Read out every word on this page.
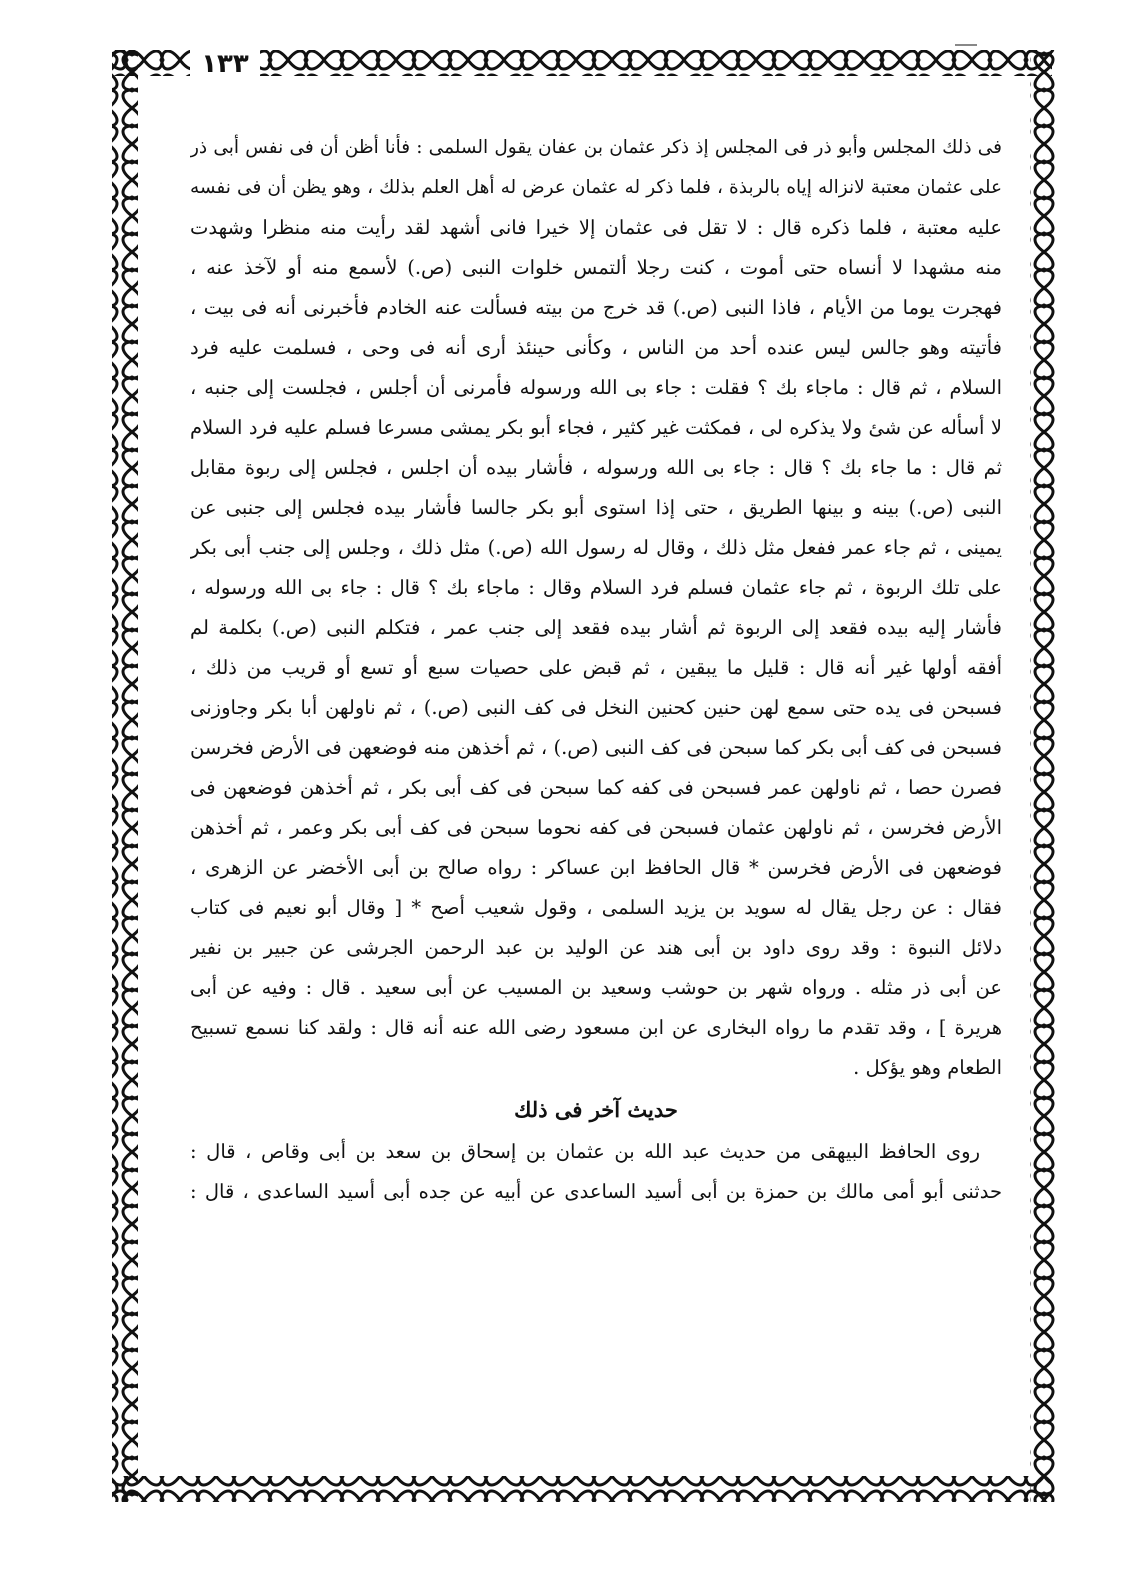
١٣٣
فى ذلك المجلس وأبو ذر فى المجلس إذ ذكر عثمان بن عفان يقول السلمى : فأنا أظن أن فى نفس أبى ذر
على عثمان معتبة لانزاله إياه بالربذة ، فلما ذكر له عثمان عرض له أهل العلم بذلك ، وهو يظن أن فى نفسه
عليه معتبة ، فلما ذكره قال : لا تقل فى عثمان إلا خيرا فانى أشهد لقد رأيت منه منظرا وشهدت
منه مشهدا لا أنساه حتى أموت ، كنت رجلا ألتمس خلوات النبى (ص.) لأسمع منه أو لآخذ عنه ،
فهجرت يوما من الأيام ، فاذا النبى (ص.) قد خرج من بيته فسألت عنه الخادم فأخبرنى أنه فى بيت ،
فأتيته وهو جالس ليس عنده أحد من الناس ، وكأنى حينئذ أرى أنه فى وحى ، فسلمت عليه فرد
السلام ، ثم قال : ماجاء بك ؟ فقلت : جاء بى الله ورسوله فأمرنى أن أجلس ، فجلست إلى جنبه ،
لا أسأله عن شئ ولا يذكره لى ، فمكثت غير كثير ، فجاء أبو بكر يمشى مسرعا فسلم عليه فرد السلام
ثم قال : ما جاء بك ؟ قال : جاء بى الله ورسوله ، فأشار بيده أن اجلس ، فجلس إلى ربوة مقابل
النبى (ص.) بينه و بينها الطريق ، حتى إذا استوى أبو بكر جالسا فأشار بيده فجلس إلى جنبى عن
يمينى ، ثم جاء عمر ففعل مثل ذلك ، وقال له رسول الله (ص.) مثل ذلك ، وجلس إلى جنب أبى بكر
على تلك الربوة ، ثم جاء عثمان فسلم فرد السلام وقال : ماجاء بك ؟ قال : جاء بى الله ورسوله ،
فأشار إليه بيده فقعد إلى الربوة ثم أشار بيده فقعد إلى جنب عمر ، فتكلم النبى (ص.) بكلمة لم
أفقه أولها غير أنه قال : قليل ما يبقين ، ثم قبض على حصيات سبع أو تسع أو قريب من ذلك ،
فسبحن فى يده حتى سمع لهن حنين كحنين النخل فى كف النبى (ص.) ، ثم ناولهن أبا بكر وجاوزنى
فسبحن فى كف أبى بكر كما سبحن فى كف النبى (ص.) ، ثم أخذهن منه فوضعهن فى الأرض فخرسن
فصرن حصا ، ثم ناولهن عمر فسبحن فى كفه كما سبحن فى كف أبى بكر ، ثم أخذهن فوضعهن فى
الأرض فخرسن ، ثم ناولهن عثمان فسبحن فى كفه نحوما سبحن فى كف أبى بكر وعمر ، ثم أخذهن
فوضعهن فى الأرض فخرسن * قال الحافظ ابن عساكر : رواه صالح بن أبى الأخضر عن الزهرى ،
فقال : عن رجل يقال له سويد بن يزيد السلمى ، وقول شعيب أصح * [ وقال أبو نعيم فى كتاب
دلائل النبوة : وقد روى داود بن أبى هند عن الوليد بن عبد الرحمن الجرشى عن جبير بن نفير
عن أبى ذر مثله . ورواه شهر بن حوشب وسعيد بن المسيب عن أبى سعيد . قال : وفيه عن أبى
هريرة ] ، وقد تقدم ما رواه البخارى عن ابن مسعود رضى الله عنه أنه قال : ولقد كنا نسمع تسبيح
الطعام وهو يؤكل .
حديث آخر فى ذلك
روى الحافظ البيهقى من حديث عبد الله بن عثمان بن إسحاق بن سعد بن أبى وقاص ، قال :
حدثنى أبو أمى مالك بن حمزة بن أبى أسيد الساعدى عن أبيه عن جده أبى أسيد الساعدى ، قال :
